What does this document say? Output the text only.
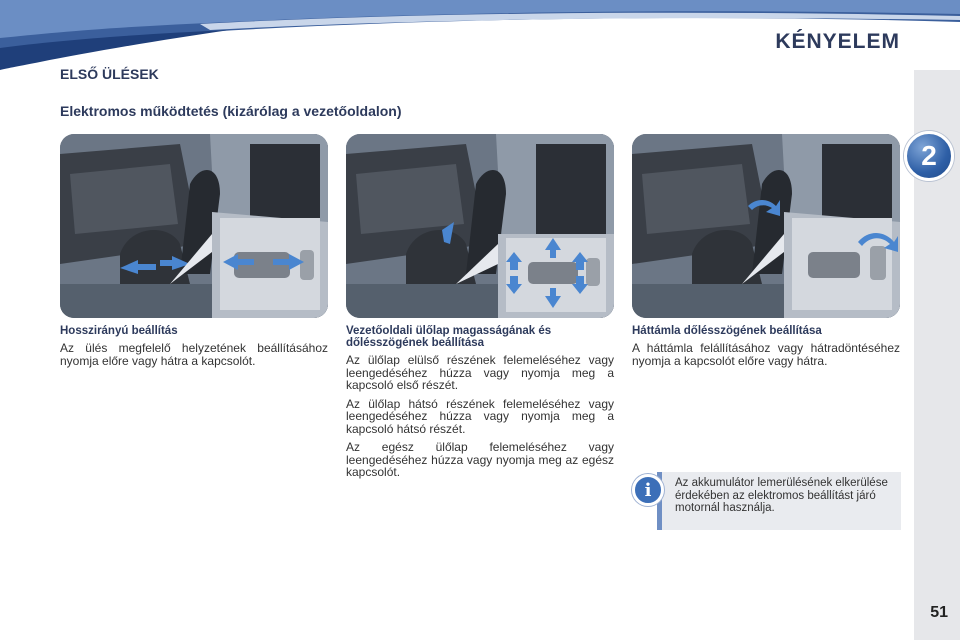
KÉNYELEM
2
ELSŐ ÜLÉSEK
Elektromos működtetés (kizárólag a vezetőoldalon)
Hosszirányú beállítás

Az ülés megfelelő helyzetének beállításához nyomja előre vagy hátra a kapcsolót.

Vezetőoldali ülőlap magasságának és dőlésszögének beállítása

Az ülőlap elülső részének felemeléséhez vagy leengedéséhez húzza vagy nyomja meg a kapcsoló első részét.

Az ülőlap hátsó részének felemeléséhez vagy leengedéséhez húzza vagy nyomja meg a kapcsoló hátsó részét.

Az egész ülőlap felemeléséhez vagy leengedéséhez húzza vagy nyomja meg az egész kapcsolót.

Háttámla dőlésszögének beállítása

A háttámla felállításához vagy hátradöntéséhez nyomja a kapcsolót előre vagy hátra.

i	Az akkumulátor lemerülésének elkerülése érdekében az elektromos beállítást járó motornál használja.
51
